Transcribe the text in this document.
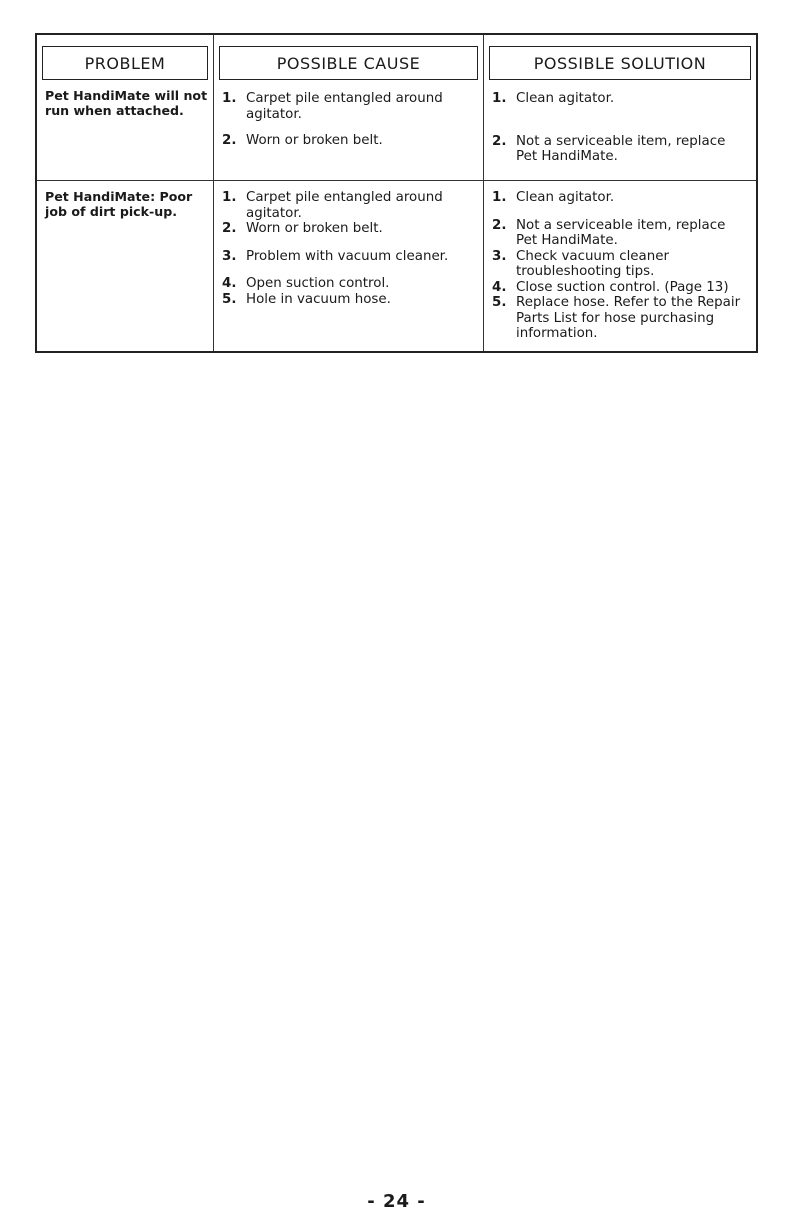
PROBLEM	POSSIBLE CAUSE	POSSIBLE SOLUTION
Pet HandiMate will not run when attached.
1. Carpet pile entangled around agitator.
2. Worn or broken belt.
1. Clean agitator.
2. Not a serviceable item, replace Pet HandiMate.
Pet HandiMate: Poor job of dirt pick-up.
1. Carpet pile entangled around agitator.
2. Worn or broken belt.
3. Problem with vacuum cleaner.
4. Open suction control.
5. Hole in vacuum hose.
1. Clean agitator.
2. Not a serviceable item, replace Pet HandiMate.
3. Check vacuum cleaner troubleshooting tips.
4. Close suction control. (Page 13)
5. Replace hose. Refer to the Repair Parts List for hose purchasing information.
- 24 -
